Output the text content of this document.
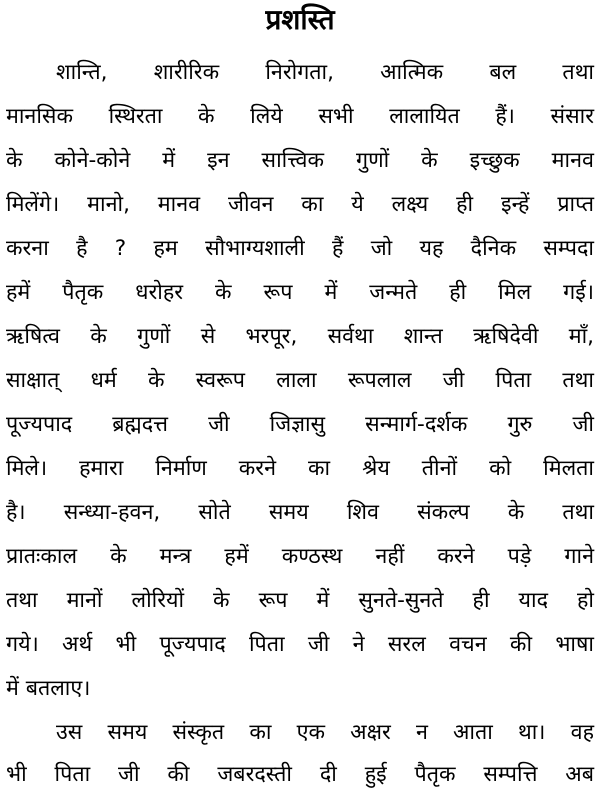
प्रशस्ति
शान्ति, शारीरिक निरोगता, आत्मिक बल तथा
मानसिक स्थिरता के लिये सभी लालायित हैं। संसार
के कोने-कोने में इन सात्त्विक गुणों के इच्छुक मानव
मिलेंगे। मानो, मानव जीवन का ये लक्ष्य ही इन्हें प्राप्त
करना है ? हम सौभाग्यशाली हैं जो यह दैनिक सम्पदा
हमें पैतृक धरोहर के रूप में जन्मते ही मिल गई।
ऋषित्व के गुणों से भरपूर, सर्वथा शान्त ऋषिदेवी माँ,
साक्षात् धर्म के स्वरूप लाला रूपलाल जी पिता तथा
पूज्यपाद ब्रह्मदत्त जी जिज्ञासु सन्मार्ग-दर्शक गुरु जी
मिले। हमारा निर्माण करने का श्रेय तीनों को मिलता
है। सन्ध्या-हवन, सोते समय शिव संकल्प के तथा
प्रातःकाल के मन्त्र हमें कण्ठस्थ नहीं करने पड़े गाने
तथा मानों लोरियों के रूप में सुनते-सुनते ही याद हो
गये। अर्थ भी पूज्यपाद पिता जी ने सरल वचन की भाषा
में बतलाए।
उस समय संस्कृत का एक अक्षर न आता था। वह
भी पिता जी की जबरदस्ती दी हुई पैतृक सम्पत्ति अब
